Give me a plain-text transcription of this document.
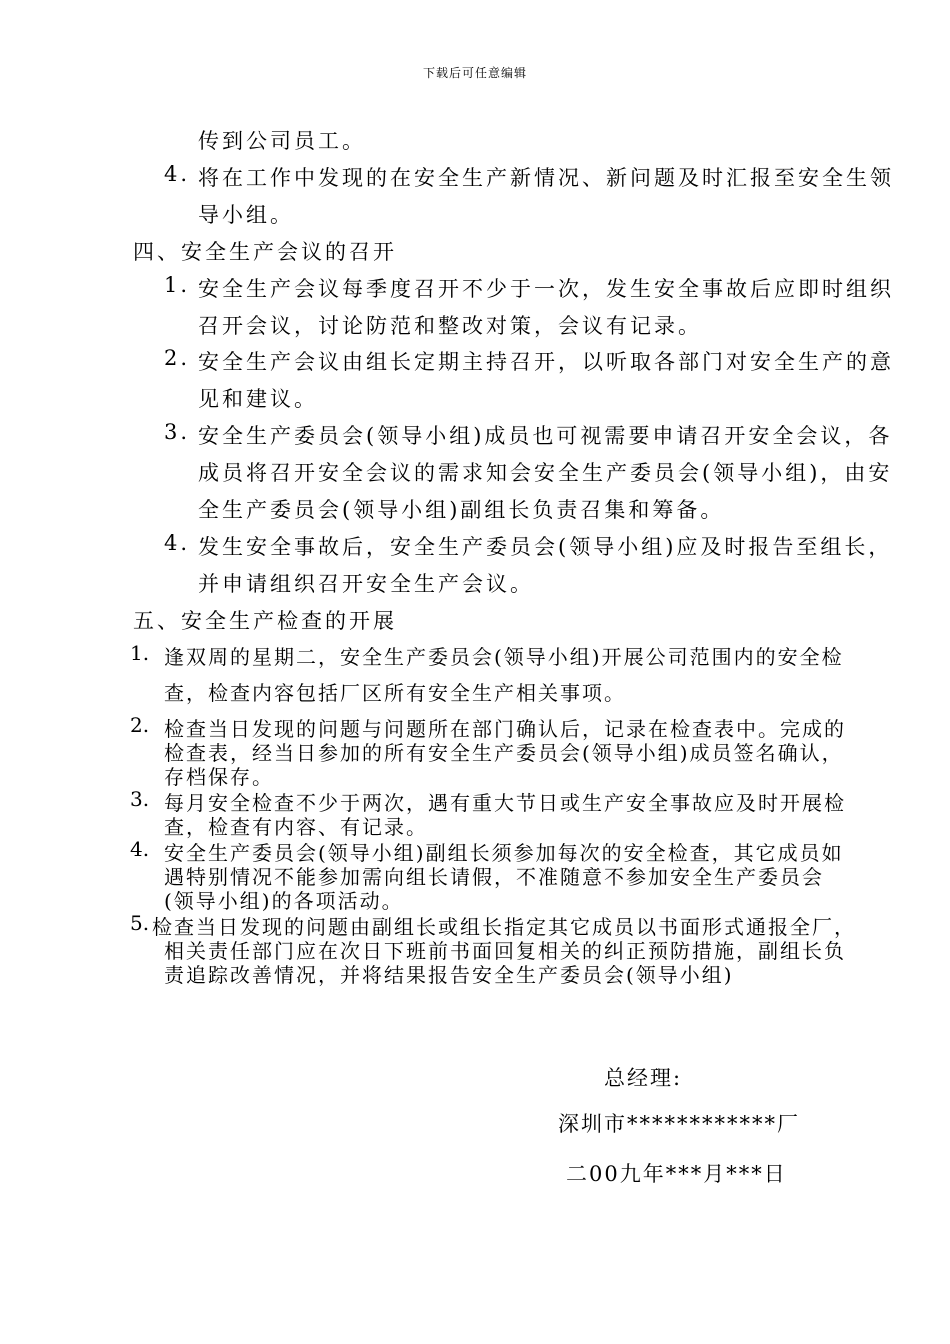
下载后可任意编辑
传到公司员工。
4. 将在工作中发现的在安全生产新情况、新问题及时汇报至安全生领
导小组。
四、安全生产会议的召开
1. 安全生产会议每季度召开不少于一次，发生安全事故后应即时组织
召开会议，讨论防范和整改对策，会议有记录。
2. 安全生产会议由组长定期主持召开，以听取各部门对安全生产的意
见和建议。
3. 安全生产委员会(领导小组)成员也可视需要申请召开安全会议，各
成员将召开安全会议的需求知会安全生产委员会(领导小组)，由安
全生产委员会(领导小组)副组长负责召集和筹备。
4. 发生安全事故后，安全生产委员会(领导小组)应及时报告至组长，
并申请组织召开安全生产会议。
五、安全生产检查的开展
1. 逢双周的星期二，安全生产委员会(领导小组)开展公司范围内的安全检
查，检查内容包括厂区所有安全生产相关事项。
2. 检查当日发现的问题与问题所在部门确认后，记录在检查表中。完成的
检查表，经当日参加的所有安全生产委员会(领导小组)成员签名确认，
存档保存。
3. 每月安全检查不少于两次，遇有重大节日或生产安全事故应及时开展检
查，检查有内容、有记录。
4. 安全生产委员会(领导小组)副组长须参加每次的安全检查，其它成员如
遇特别情况不能参加需向组长请假，不准随意不参加安全生产委员会
(领导小组)的各项活动。
5. 检查当日发现的问题由副组长或组长指定其它成员以书面形式通报全厂，
相关责任部门应在次日下班前书面回复相关的纠正预防措施，副组长负
责追踪改善情况，并将结果报告安全生产委员会(领导小组)
总经理:
深圳市************厂
二00九年***月***日
